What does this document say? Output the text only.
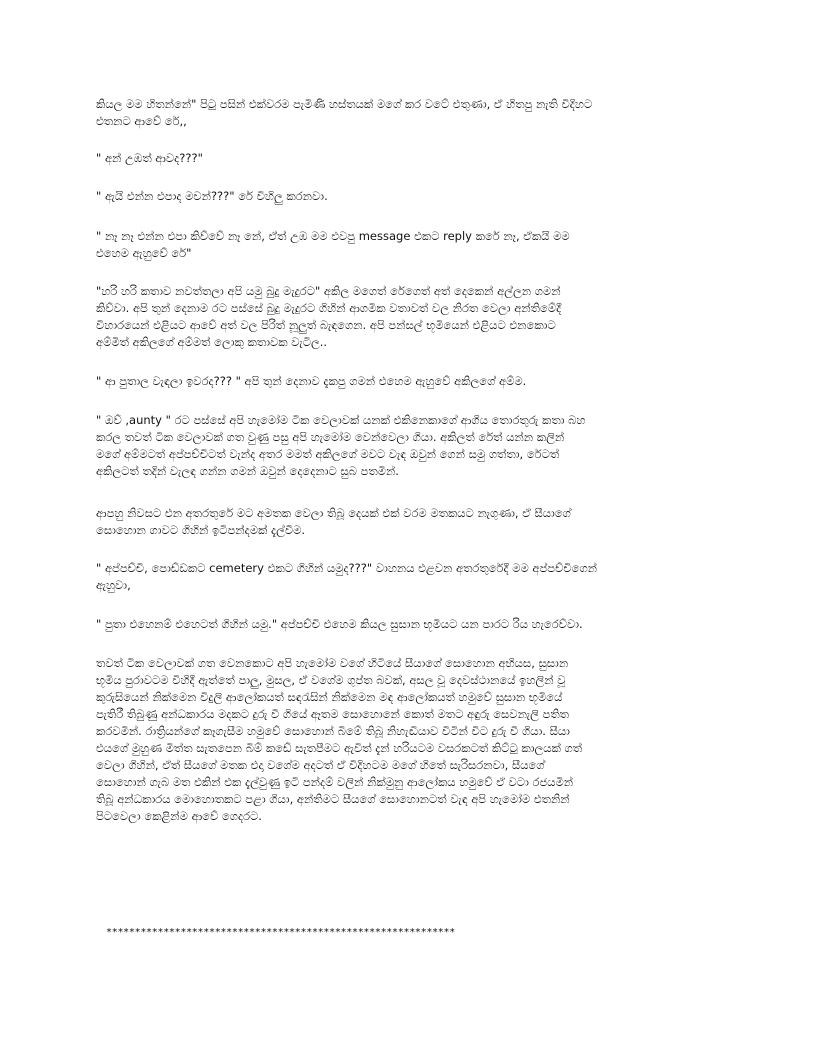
කියල මම හිතන්නේ" පිටු පසින් එක්වරම පැමිණි හස්තයක් මගේ කර වටේ එතුණා, ඒ හිතපු නැති විදිහට
එතනට ආවේ රේ,,
" අන් උඹත් ආවද???"
" ඇයි එන්න එපාද මචන්???" රේ විහිලු කරනවා.
" නෑ නෑ එන්න එපා කිව්වේ නෑ නේ, ඒත් උඹ මම එවපු message එකට reply කරේ නෑ, ඒකයි මම
එහෙම ඇහුවේ රේ"
"හරි හරි කතාව නවත්තලා අපි යමු බුදු මැදුරට" අකිල මගෙත් රේගෙත් අත් දෙකෙන් අල්ලන ගමන්
කිව්වා. අපි තුන් දෙනාම රට පස්සේ බුදු මැදුරට ගිහින් ආගමික වතාවත් වල නිරත වෙලා අන්තිමේදී
විහාරයෙන් එළියට ආවේ අත් වල පිරිත් නූලුත් බැඳගෙන. අපි පන්සල් භූමියෙන් එළියට එනකොට
අම්මිත් අකිලගේ අම්මත් ලොකු කතාවක වැටිල..
" ආ පුතාල වැඳලා ඉවරද??? " අපි තුන් දෙනාව දැකපු ගමන් එහෙම ඇහුවේ අකිලගේ අම්ම.
" ඔව් ,aunty " රට පස්සේ අපි හැමෝම ටික වෙලාවක් යනක් එකිනෙකාගේ ආගිය තොරතුරු කතා බහ
කරල තවත් ටික වෙලාවක් ගත වුණු පසු අපි හැමෝම වෙන්වෙලා ගියා. අකිලත් රේත් යන්න කලින්
මගේ අම්මටත් අප්පච්චිටත් වැන්ද අතර මමත් අකිලගේ මවට වැඳ ඔවුන් ගෙන් සමු ගත්තා, රේටත්
අකිලටත් තදින් වැලඳ ගන්න ගමන් ඔවුන් දෙදෙනාට සුබ පතමින්.
ආපහු නිවසට එන අතරතුරේ මට අමතක වෙලා තිබූ දෙයක් එක් වරම මතකයට නැගුණා, ඒ සීයාගේ
සොහොන ගාවට ගිහින් ඉටිපන්දමක් දැල්වීම.
" අප්පච්චි, පොඩ්ඩකට cemetery එකට ගිහින් යමුද???" වාහනය එළවන අතරතුරේදී මම අප්පච්චිගෙන්
ඇහුවා,
" පුතා එහෙනම් එහෙටත් ගිහින් යමු." අප්පච්චි එහෙම කියල සුසාන භූමියට යන පාරට රිය හැරෙව්වා.
තවත් ටික වෙලාවක් ගත වෙනකොට අපි හැමෝම වගේ හිටියේ සීයාගේ සොහොන අභියස, සුසාන
භූමිය පුරාවටම විහිදී ඇත්තේ පාලු, මුසල, ඒ වගේම ගුප්ත බවක්, අසල වූ දෙවස්ථානයේ ඉහලින් වූ
කුරුසියෙන් නික්මෙන විදුලි ආලෝකයත් සඳරැසින් නික්මෙන මඳ ආලෝකයත් හමුවේ සුසාන භූමියේ
පැතිරී තිබුණු අන්ධකාරය මදකට දුරු වී ගියේ ඈතම සොහොනේ කොත් මතට අඳුරු සෙවනැලි පතිත
කරවමින්. රාත්‍රියන්ගේ කෑගැසීම හමුවේ සොහොන් බිමේ තිබූ නිහැඬියාව විටින් විට දුරු වී ගියා. සීයා
එයගේ මුහුණ මිත්ත සැතපෙන බිම් කඩේ සැතපීමට ඇවිත් දැන් හරියටම වසරකටත් කිට්ටු කාලයක් ගත්
වෙලා ගිහින්, ඒත් සීයගේ මතක එදා වගේම අදටත් ඒ විදිහටම මගේ හිතේ සැරිසරනවා, සීයගේ
සොහොන් ගැබ මත එකින් එක දැල්වුණු ඉටි පන්දම් වලින් නික්මුනු ආලෝකය හමුවේ ඒ වටා රජයමින්
තිබූ අන්ධකාරය මොහොතකට පළා ගියා, අන්තිමට සීයගේ සොහොනටත් වැඳ අපි හැමෝම එතනින්
පිටවෙලා කෙළින්ම ආවේ ගෙදරට.
*************************************************************
